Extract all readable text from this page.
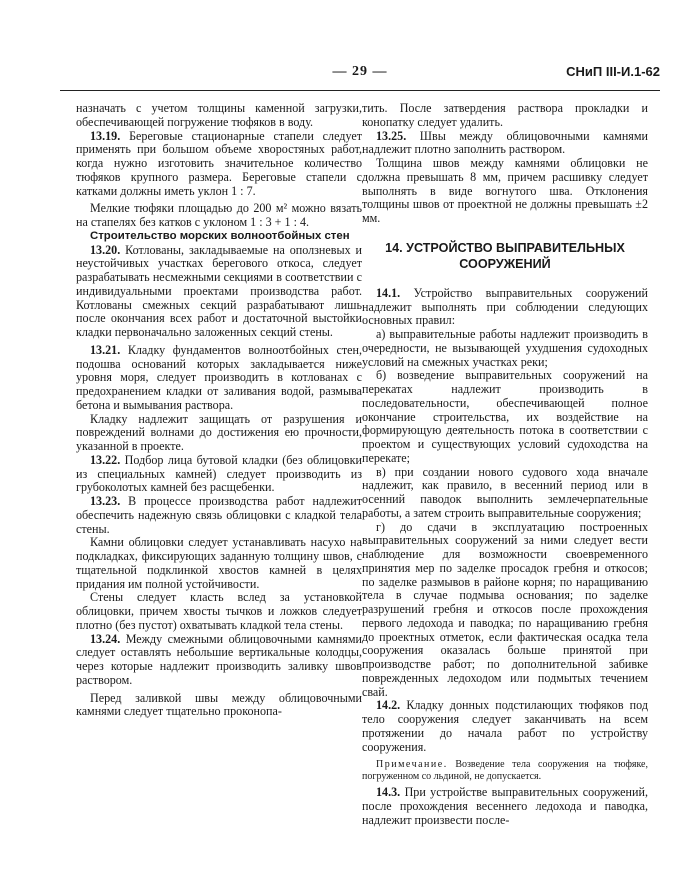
— 29 —	СНиП III-И.1-62

назначать с учетом толщины каменной загрузки, обеспечивающей погружение тюфяков в воду.

13.19. Береговые стационарные стапели следует применять при большом объеме хворостяных работ, когда нужно изготовить значительное количество тюфяков крупного размера. Береговые стапели с катками должны иметь уклон 1 : 7.

Мелкие тюфяки площадью до 200 м² можно вязать на стапелях без катков с уклоном 1 : 3 + 1 : 4.

Строительство морских волноотбойных стен

13.20. Котлованы, закладываемые на оползневых и неустойчивых участках берегового откоса, следует разрабатывать несмежными секциями в соответствии с индивидуальными проектами производства работ. Котлованы смежных секций разрабатывают лишь после окончания всех работ и достаточной выстойки кладки первоначально заложенных секций стены.

13.21. Кладку фундаментов волноотбойных стен, подошва оснований которых закладывается ниже уровня моря, следует производить в котлованах с предохранением кладки от заливания водой, размыва бетона и вымывания раствора.

Кладку надлежит защищать от разрушения и повреждений волнами до достижения ею прочности, указанной в проекте.

13.22. Подбор лица бутовой кладки (без облицовки из специальных камней) следует производить из грубоколотых камней без расщебенки.

13.23. В процессе производства работ надлежит обеспечить надежную связь облицовки с кладкой тела стены.

Камни облицовки следует устанавливать насухо на подкладках, фиксирующих заданную толщину швов, с тщательной подклинкой хвостов камней в целях придания им полной устойчивости.

Стены следует класть вслед за установкой облицовки, причем хвосты тычков и ложков следует плотно (без пустот) охватывать кладкой тела стены.

13.24. Между смежными облицовочными камнями следует оставлять небольшие вертикальные колодцы, через которые надлежит производить заливку швов раствором.

Перед заливкой швы между облицовочными камнями следует тщательно проконопа-

тить. После затвердения раствора прокладки и конопатку следует удалить.

13.25. Швы между облицовочными камнями надлежит плотно заполнить раствором.

Толщина швов между камнями облицовки не должна превышать 8 мм, причем расшивку следует выполнять в виде вогнутого шва. Отклонения толщины швов от проектной не должны превышать ±2 мм.

14. УСТРОЙСТВО ВЫПРАВИТЕЛЬНЫХ
СООРУЖЕНИЙ

14.1. Устройство выправительных сооружений надлежит выполнять при соблюдении следующих основных правил:

а) выправительные работы надлежит производить в очередности, не вызывающей ухудшения судоходных условий на смежных участках реки;

б) возведение выправительных сооружений на перекатах надлежит производить в последовательности, обеспечивающей полное окончание строительства, их воздействие на формирующую деятельность потока в соответствии с проектом и существующих условий судоходства на перекате;

в) при создании нового судового хода вначале надлежит, как правило, в весенний период или в осенний паводок выполнить землечерпательные работы, а затем строить выправительные сооружения;

г) до сдачи в эксплуатацию построенных выправительных сооружений за ними следует вести наблюдение для возможности своевременного принятия мер по заделке просадок гребня и откосов; по заделке размывов в районе корня; по наращиванию тела в случае подмыва основания; по заделке разрушений гребня и откосов после прохождения первого ледохода и паводка; по наращиванию гребня до проектных отметок, если фактическая осадка тела сооружения оказалась больше принятой при производстве работ; по дополнительной забивке поврежденных ледоходом или подмытых течением свай.

14.2. Кладку донных подстилающих тюфяков под тело сооружения следует заканчивать на всем протяжении до начала работ по устройству сооружения.

Примечание. Возведение тела сооружения на тюфяке, погруженном со льдиной, не допускается.

14.3. При устройстве выправительных сооружений, после прохождения весеннего ледохода и паводка, надлежит произвести после-
